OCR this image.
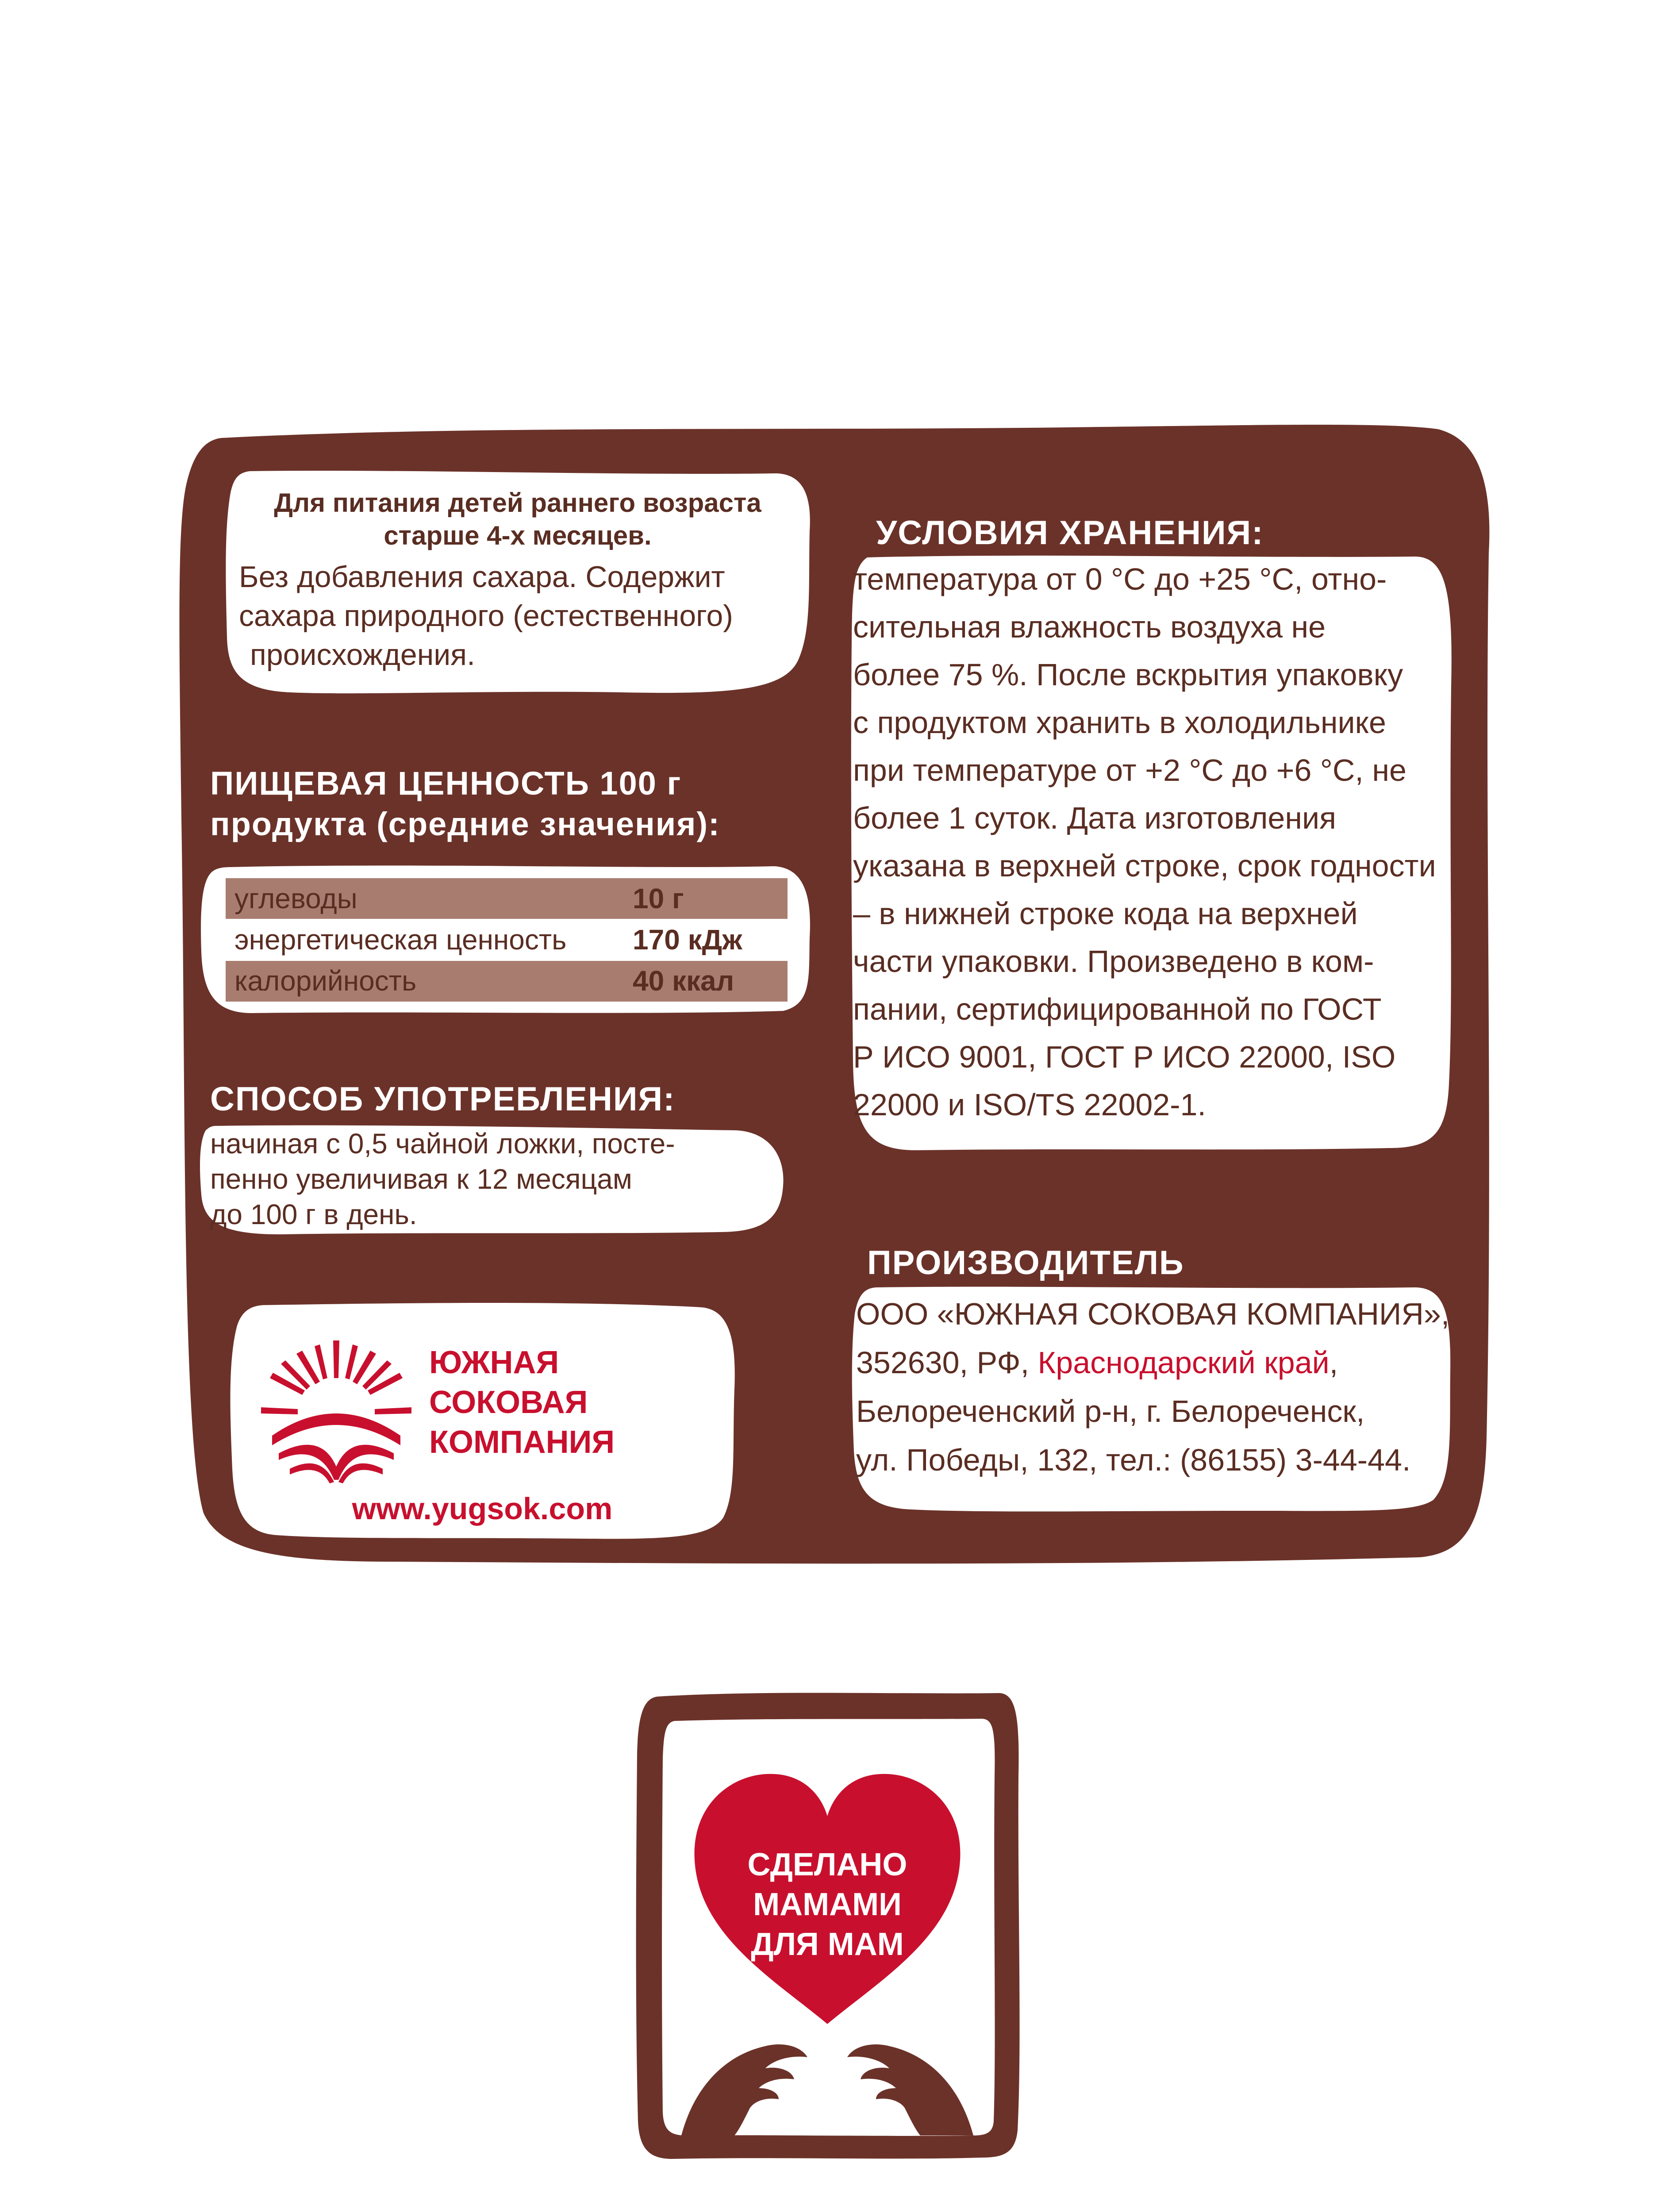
Для питания детей раннего возраста
старше 4-х месяцев.
Без добавления сахара. Содержит
сахара природного (естественного)
происхождения.
ПИЩЕВАЯ ЦЕННОСТЬ 100 г
продукта (средние значения):
углеводы	10 г
энергетическая ценность 170 кДж
калорийность	40 ккал
СПОСОБ УПОТРЕБЛЕНИЯ:
начиная с 0,5 чайной ложки, посте-
пенно увеличивая к 12 месяцам
до 100 г в день.
ЮЖНАЯ
СОКОВАЯ
КОМПАНИЯ
www.yugsok.com
УСЛОВИЯ ХРАНЕНИЯ:
температура от 0 °С до +25 °С, отно-
сительная влажность воздуха не
более 75 %. После вскрытия упаковку
с продуктом хранить в холодильнике
при температуре от +2 °С до +6 °С, не
более 1 суток. Дата изготовления
указана в верхней строке, срок годности
– в нижней строке кода на верхней
части упаковки. Произведено в ком-
пании, сертифицированной по ГОСТ
Р ИСО 9001, ГОСТ Р ИСО 22000, ISO
22000 и ISO/TS 22002-1.
ПРОИЗВОДИТЕЛЬ
ООО «ЮЖНАЯ СОКОВАЯ КОМПАНИЯ»,
352630, РФ, Краснодарский край,
Белореченский р-н, г. Белореченск,
ул. Победы, 132, тел.: (86155) 3-44-44.
СДЕЛАНО
МАМАМИ
ДЛЯ МАМ
